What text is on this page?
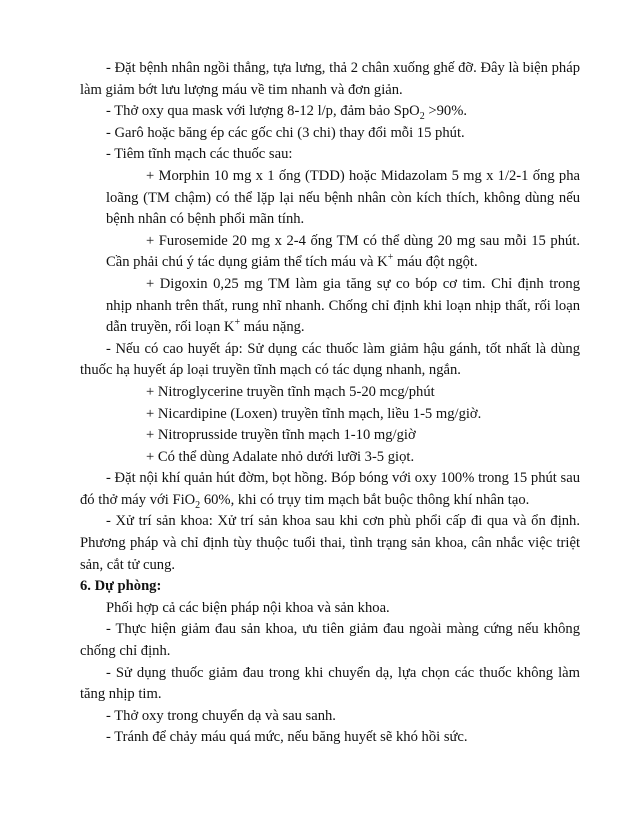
- Đặt bệnh nhân ngồi thẳng, tựa lưng, thả 2 chân xuống ghế đỡ. Đây là biện pháp làm giảm bớt lưu lượng máu về tim nhanh và đơn giản.

- Thở oxy qua mask với lượng 8-12 l/p, đảm bảo SpO$_2$ >90%.

- Garô hoặc băng ép các gốc chi (3 chi) thay đổi mỗi 15 phút.

- Tiêm tĩnh mạch các thuốc sau:

+ Morphin 10 mg x 1 ống (TDD) hoặc Midazolam 5 mg x 1/2-1 ống pha loãng (TM chậm) có thể lặp lại nếu bệnh nhân còn kích thích, không dùng nếu bệnh nhân có bệnh phổi mãn tính.

+ Furosemide 20 mg x 2-4 ống TM có thể dùng 20 mg sau mỗi 15 phút. Cần phải chú ý tác dụng giảm thể tích máu và K+ máu đột ngột.

+ Digoxin 0,25 mg TM làm gia tăng sự co bóp cơ tim. Chỉ định trong nhịp nhanh trên thất, rung nhĩ nhanh. Chống chỉ định khi loạn nhịp thất, rối loạn dẫn truyền, rối loạn K+ máu nặng.

- Nếu có cao huyết áp: Sử dụng các thuốc làm giảm hậu gánh, tốt nhất là dùng thuốc hạ huyết áp loại truyền tĩnh mạch có tác dụng nhanh, ngắn.

+ Nitroglycerine truyền tĩnh mạch 5-20 mcg/phút

+ Nicardipine (Loxen) truyền tĩnh mạch, liều 1-5 mg/giờ.

+ Nitroprusside truyền tĩnh mạch 1-10 mg/giờ

+ Có thể dùng Adalate nhỏ dưới lưỡi 3-5 giọt.

- Đặt nội khí quản hút đờm, bọt hồng. Bóp bóng với oxy 100% trong 15 phút sau đó thở máy với FiO$_2$ 60%, khi có trụy tim mạch bắt buộc thông khí nhân tạo.

- Xử trí sản khoa: Xử trí sản khoa sau khi cơn phù phổi cấp đi qua và ổn định. Phương pháp và chỉ định tùy thuộc tuổi thai, tình trạng sản khoa, cân nhắc việc triệt sản, cắt tử cung.

6. Dự phòng:

Phối hợp cả các biện pháp nội khoa và sản khoa.

- Thực hiện giảm đau sản khoa, ưu tiên giảm đau ngoài màng cứng nếu không chống chỉ định.

- Sử dụng thuốc giảm đau trong khi chuyển dạ, lựa chọn các thuốc không làm tăng nhịp tim.

- Thở oxy trong chuyển dạ và sau sanh.

- Tránh để chảy máu quá mức, nếu băng huyết sẽ khó hồi sức.
